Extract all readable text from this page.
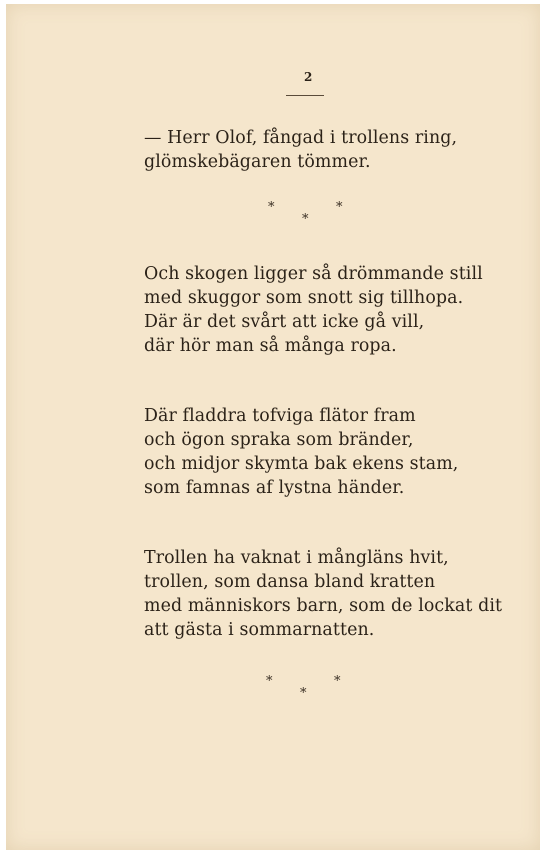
2

— Herr Olof, fångad i trollens ring,
glömskebägaren tömmer.

*	*
*

Och skogen ligger så drömmande still
med skuggor som snott sig tillhopa.
Där är det svårt att icke gå vill,
där hör man så många ropa.

Där fladdra tofviga flätor fram
och ögon spraka som bränder,
och midjor skymta bak ekens stam,
som famnas af lystna händer.

Trollen ha vaknat i mångläns hvit,
trollen, som dansa bland kratten
med människors barn, som de lockat dit
att gästa i sommarnatten.

*	*
*
